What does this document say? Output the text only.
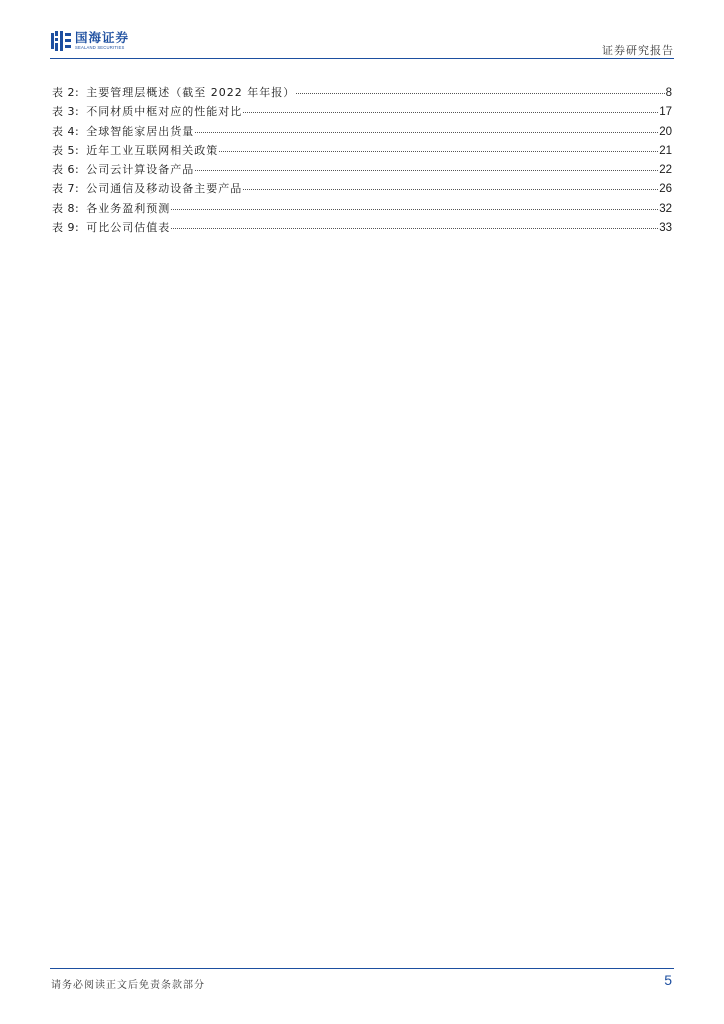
国海证券
SEALAND SECURITIES	证券研究报告
表 2: 主要管理层概述（截至 2022 年年报）	8
表 3: 不同材质中框对应的性能对比	17
表 4: 全球智能家居出货量	20
表 5: 近年工业互联网相关政策	21
表 6: 公司云计算设备产品	22
表 7: 公司通信及移动设备主要产品	26
表 8: 各业务盈利预测	32
表 9: 可比公司估值表	33
请务必阅读正文后免责条款部分	5
